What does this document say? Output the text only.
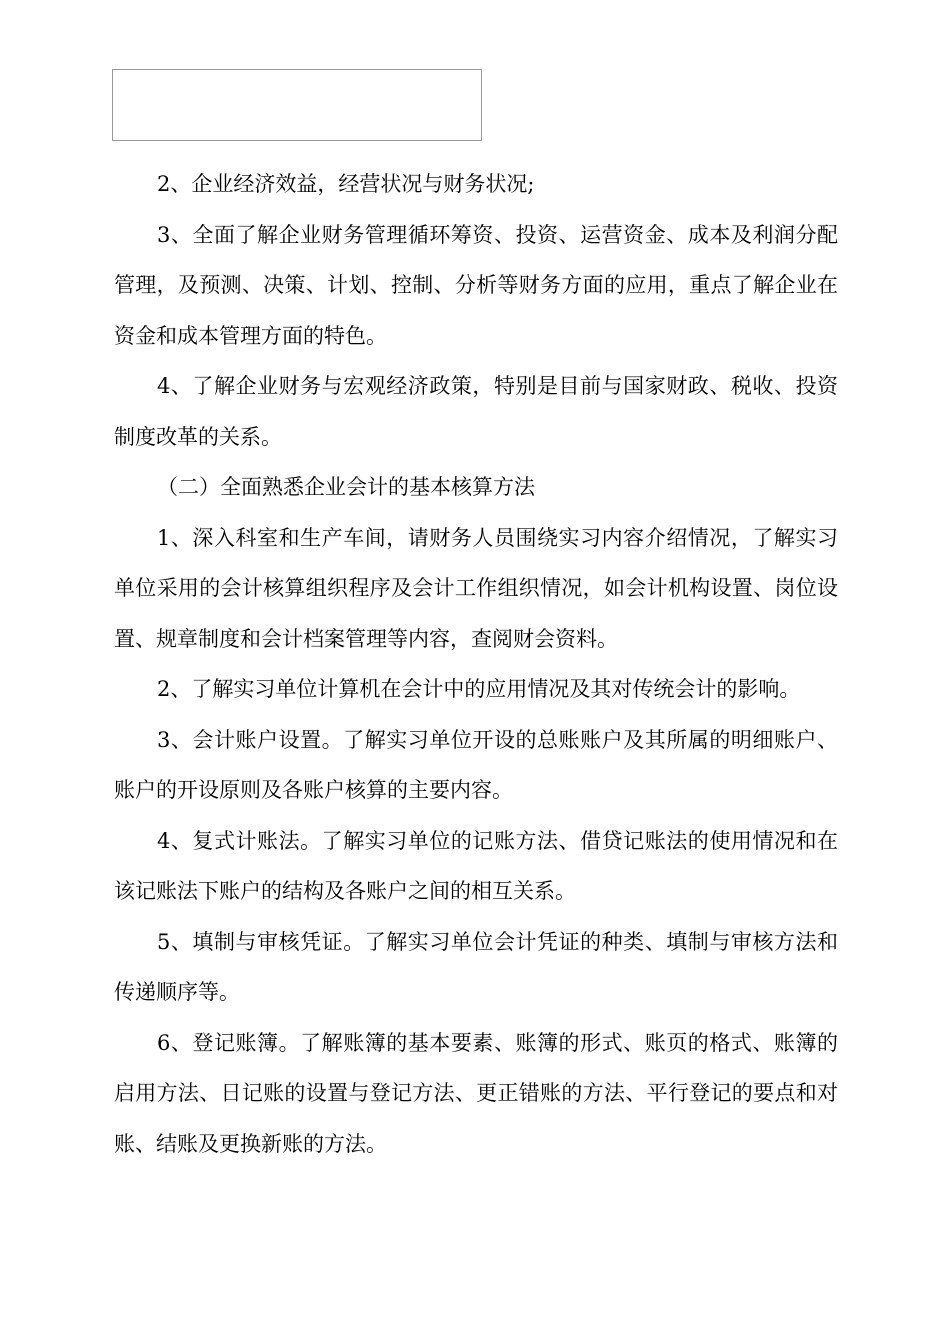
2、企业经济效益，经营状况与财务状况;

3、全面了解企业财务管理循环筹资、投资、运营资金、成本及利润分配管理，及预测、决策、计划、控制、分析等财务方面的应用，重点了解企业在资金和成本管理方面的特色。

4、了解企业财务与宏观经济政策，特别是目前与国家财政、税收、投资制度改革的关系。

（二）全面熟悉企业会计的基本核算方法

1、深入科室和生产车间，请财务人员围绕实习内容介绍情况，了解实习单位采用的会计核算组织程序及会计工作组织情况，如会计机构设置、岗位设置、规章制度和会计档案管理等内容，查阅财会资料。

2、了解实习单位计算机在会计中的应用情况及其对传统会计的影响。

3、会计账户设置。了解实习单位开设的总账账户及其所属的明细账户、账户的开设原则及各账户核算的主要内容。

4、复式计账法。了解实习单位的记账方法、借贷记账法的使用情况和在该记账法下账户的结构及各账户之间的相互关系。

5、填制与审核凭证。了解实习单位会计凭证的种类、填制与审核方法和传递顺序等。

6、登记账簿。了解账簿的基本要素、账簿的形式、账页的格式、账簿的启用方法、日记账的设置与登记方法、更正错账的方法、平行登记的要点和对账、结账及更换新账的方法。
